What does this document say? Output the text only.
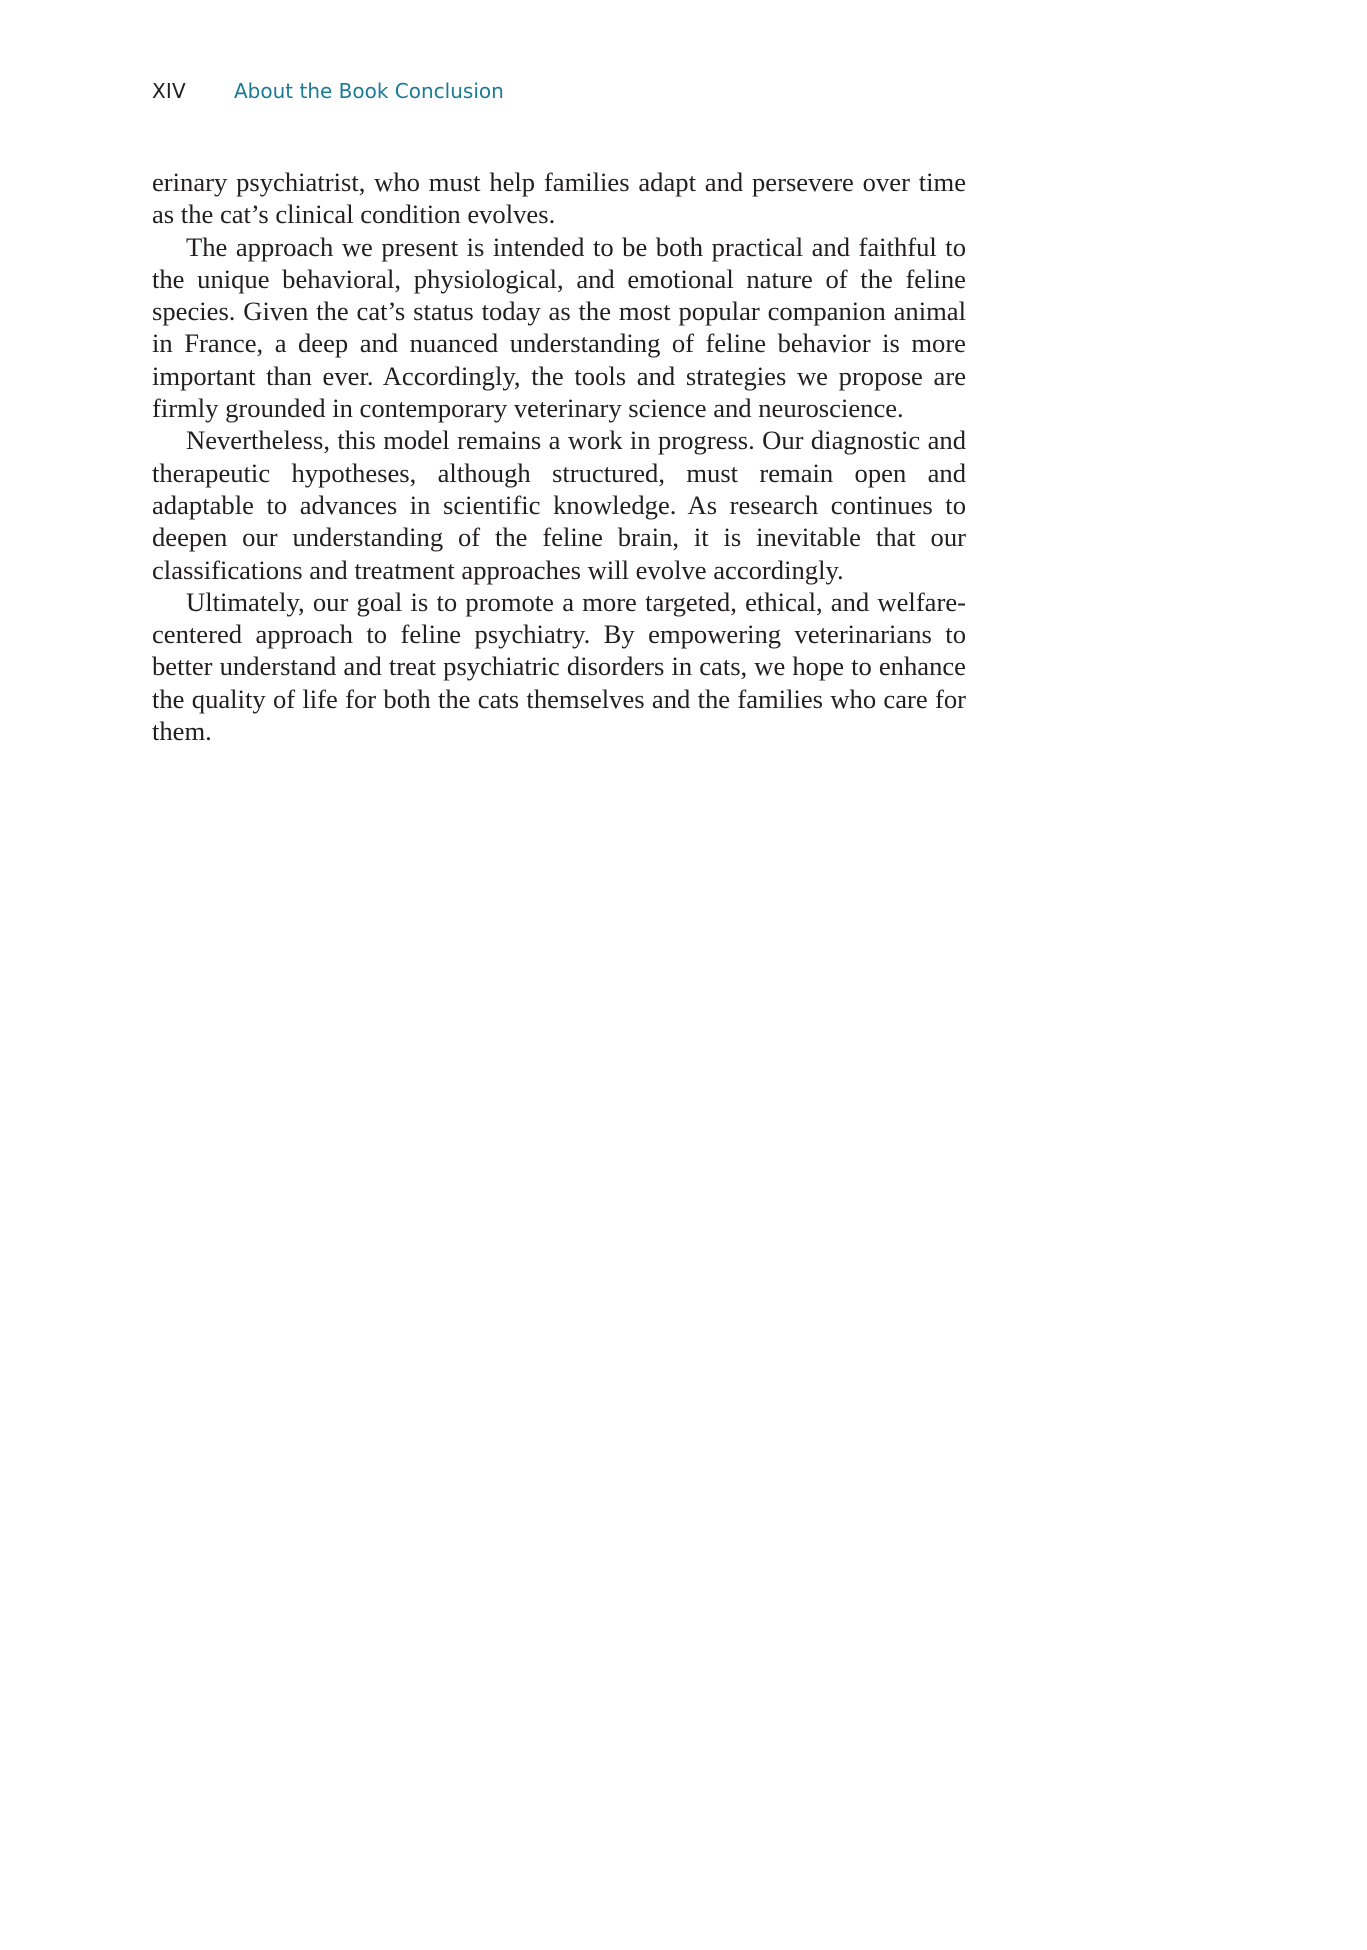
XIV	About the Book Conclusion

erinary psychiatrist, who must help families adapt and persevere over time as the cat’s clinical condition evolves.

The approach we present is intended to be both practical and faithful to the unique behavioral, physiological, and emotional nature of the feline species. Given the cat’s status today as the most popular companion animal in France, a deep and nuanced understanding of feline behavior is more important than ever. Accordingly, the tools and strategies we propose are firmly grounded in contemporary veterinary science and neuroscience.

Nevertheless, this model remains a work in progress. Our diagnostic and therapeutic hypotheses, although structured, must remain open and adaptable to advances in scientific knowledge. As research continues to deepen our understanding of the feline brain, it is inevitable that our classifications and treatment approaches will evolve accordingly.

Ultimately, our goal is to promote a more targeted, ethical, and welfare-centered approach to feline psychiatry. By empowering veterinarians to better understand and treat psychiatric disorders in cats, we hope to enhance the quality of life for both the cats themselves and the families who care for them.
